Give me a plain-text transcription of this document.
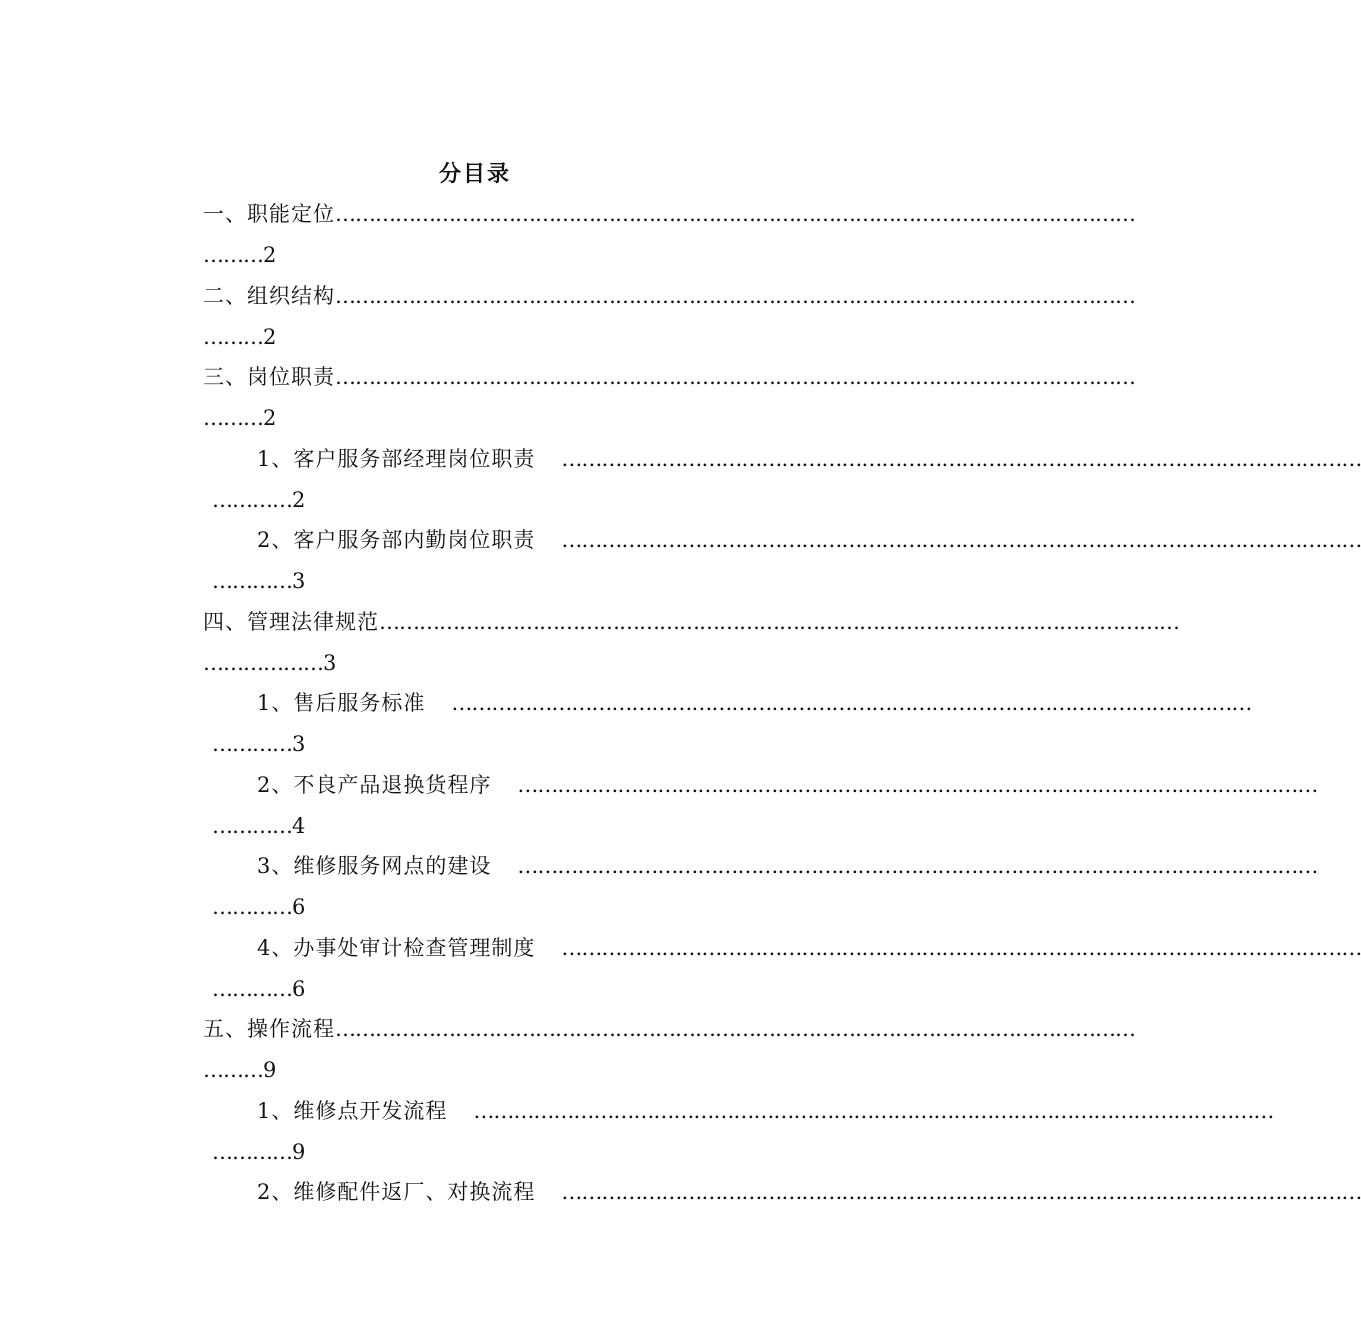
分目录
一、职能定位…………………………………………………………………………………………………………
………2
二、组织结构…………………………………………………………………………………………………………
………2
三、岗位职责…………………………………………………………………………………………………………
………2
1、客户服务部经理岗位职责 …………………………………………………………………………………………………………
…………2
2、客户服务部内勤岗位职责 …………………………………………………………………………………………………………
…………3
四、管理法律规范…………………………………………………………………………………………………………
………………3
1、售后服务标准 …………………………………………………………………………………………………………
…………3
2、不良产品退换货程序 …………………………………………………………………………………………………………
…………4
3、维修服务网点的建设 …………………………………………………………………………………………………………
…………6
4、办事处审计检查管理制度 …………………………………………………………………………………………………………
…………6
五、操作流程…………………………………………………………………………………………………………
………9
1、维修点开发流程 …………………………………………………………………………………………………………
…………9
2、维修配件返厂、对换流程 …………………………………………………………………………………………………………
